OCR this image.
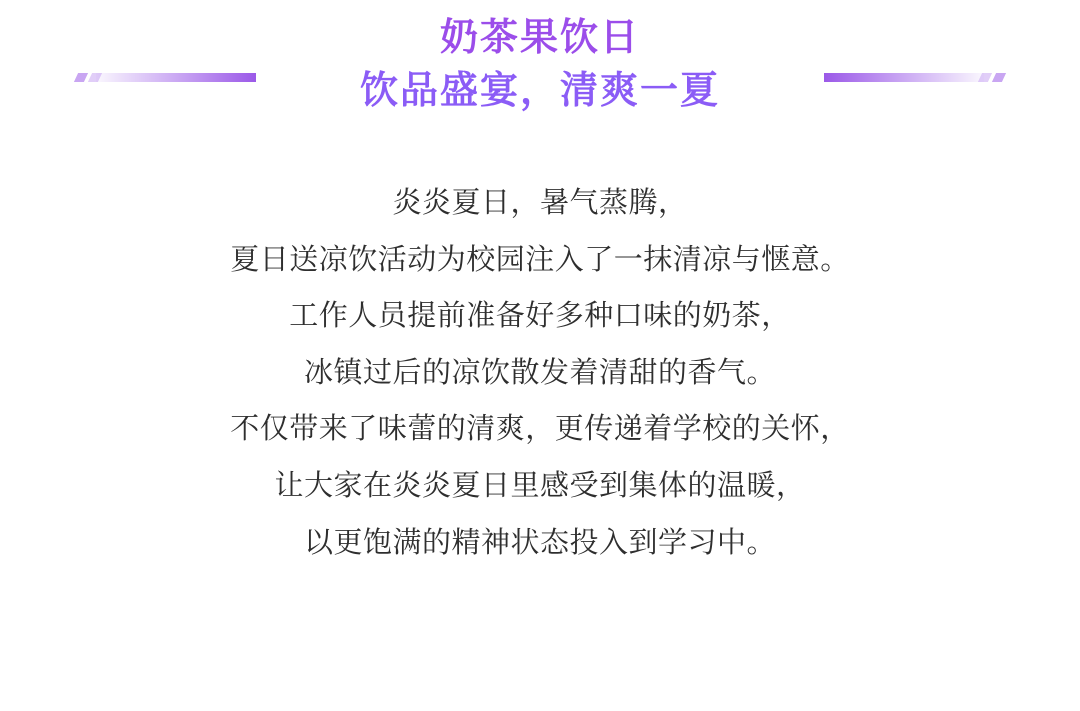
奶茶果饮日
饮品盛宴，清爽一夏

炎炎夏日，暑气蒸腾，

夏日送凉饮活动为校园注入了一抹清凉与惬意。

工作人员提前准备好多种口味的奶茶，

冰镇过后的凉饮散发着清甜的香气。

不仅带来了味蕾的清爽，更传递着学校的关怀，

让大家在炎炎夏日里感受到集体的温暖，

以更饱满的精神状态投入到学习中。
